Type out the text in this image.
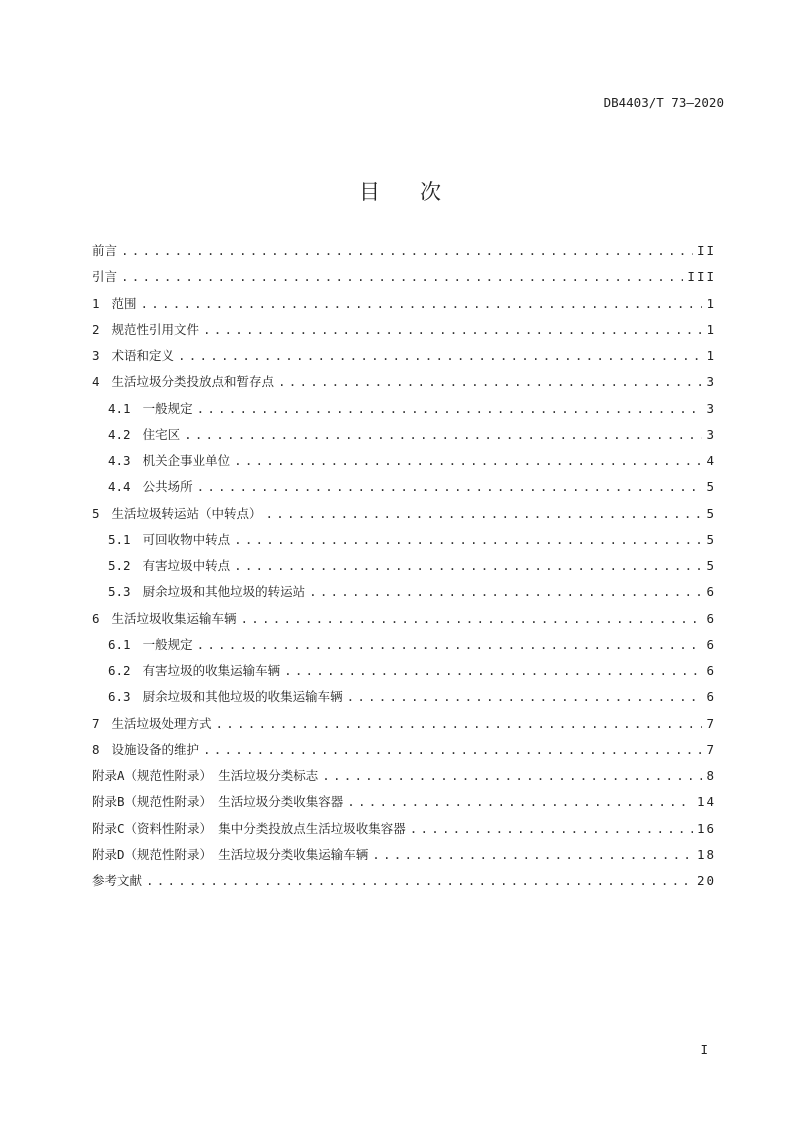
DB4403/T 73—2020
目 次
前言 .....	II
引言 .....	III
1 范围 .....	1
2 规范性引用文件 .....	1
3 术语和定义 .....	1
4 生活垃圾分类投放点和暂存点 .....	3
4.1 一般规定 .....	3
4.2 住宅区 .....	3
4.3 机关企事业单位 .....	4
4.4 公共场所 .....	5
5 生活垃圾转运站（中转点） .....	5
5.1 可回收物中转点 .....	5
5.2 有害垃圾中转点 .....	5
5.3 厨余垃圾和其他垃圾的转运站 .....	6
6 生活垃圾收集运输车辆 .....	6
6.1 一般规定 .....	6
6.2 有害垃圾的收集运输车辆 .....	6
6.3 厨余垃圾和其他垃圾的收集运输车辆 .....	6
7 生活垃圾处理方式 .....	7
8 设施设备的维护 .....	7
附录A（规范性附录）　生活垃圾分类标志 .....	8
附录B（规范性附录）　生活垃圾分类收集容器 .....	14
附录C（资料性附录）　集中分类投放点生活垃圾收集容器 .....	16
附录D（规范性附录）　生活垃圾分类收集运输车辆 .....	18
参考文献 .....	20
I
